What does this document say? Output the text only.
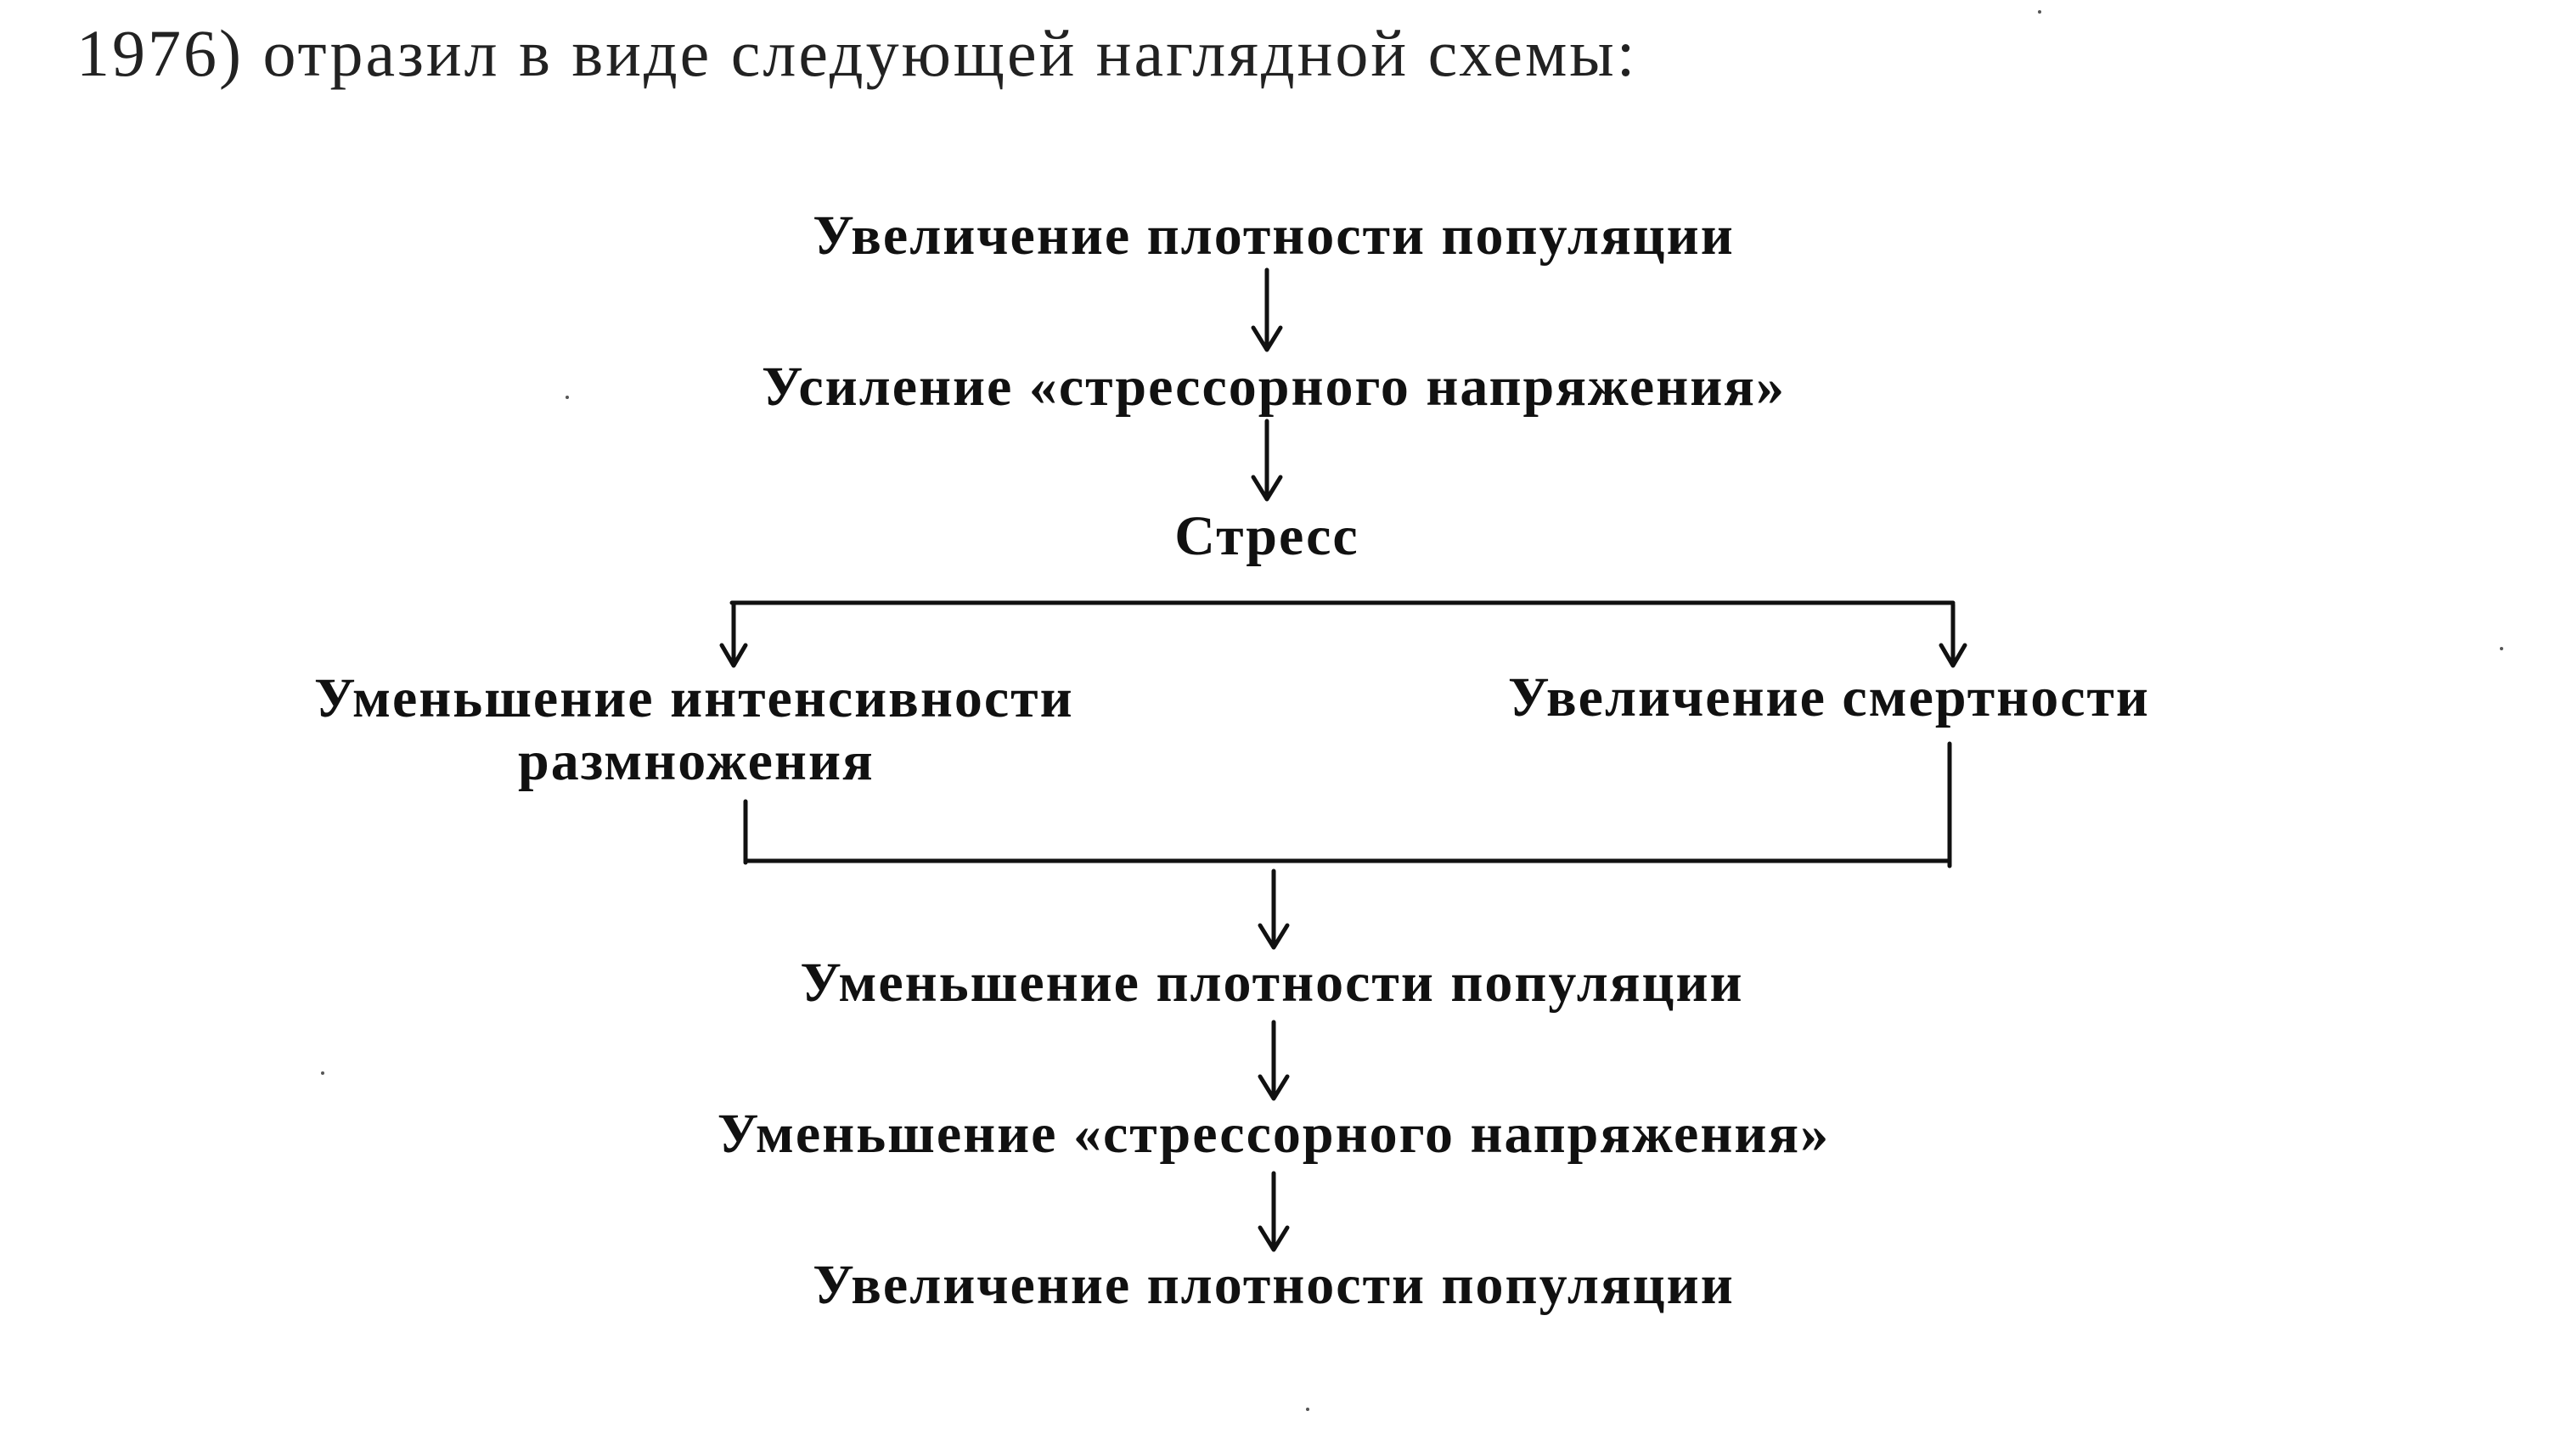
1976) отразил в виде следующей наглядной схемы:
Увеличение плотности популяции
Усиление «стрессорного напряжения»
Стресс
Уменьшение интенсивности
размножения
Увеличение смертности
Уменьшение плотности популяции
Уменьшение «стрессорного напряжения»
Увеличение плотности популяции
